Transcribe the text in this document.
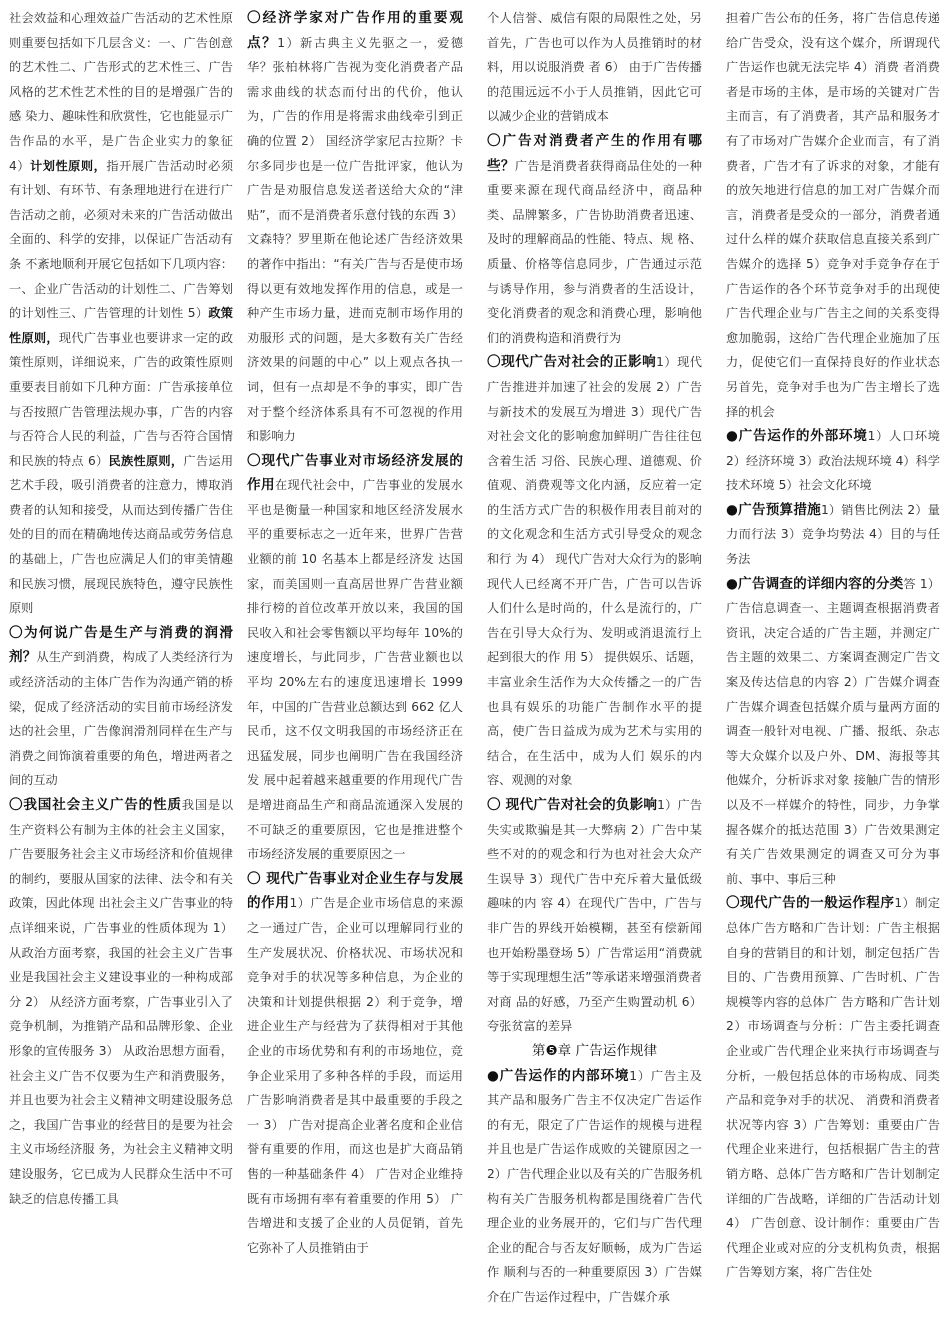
社会效益和心理效益广告活动的艺术性原则重要包括如下几层含义：一、广告创意的艺术性二、广告形式的艺术性三、广告风格的艺术性艺术性的目的是增强广告的感 染力、趣味性和欣赏性，它也能显示广告作品的水平，是广告企业实力的象征 4）计划性原则，指开展广告活动时必须有计划、有环节、有条理地进行在进行广告活动之前，必须对未来的广告活动做出全面的、科学的安排，以保证广告活动有条 不紊地顺利开展它包括如下几项内容：一、企业广告活动的计划性二、广告筹划的计划性三、广告管理的计划性 5）政策性原则，现代广告事业也要讲求一定的政策性原则，详细说来，广告的政策性原则重要表目前如下几种方面：广告承接单位与否按照广告管理法规办事，广告的内容与否符合人民的利益，广告与否符合国情和民族的特点 6）民族性原则，广告运用艺术手段，吸引消费者的注意力，博取消费者的认知和接受，从而达到传播广告住处的目的而在精确地传达商品或劳务信息的基础上，广告也应满足人们的审美情趣和民族习惯，展现民族特色，遵守民族性原则
〇为何说广告是生产与消费的润滑剂？从生产到消费，构成了人类经济行为或经济活动的主体广告作为沟通产销的桥梁，促成了经济活动的实目前市场经济发达的社会里，广告像润滑剂同样在生产与消费之间饰演着重要的角色，增进两者之间的互动
〇我国社会主义广告的性质我国是以生产资料公有制为主体的社会主义国家，广告要服务社会主义市场经济和价值规律的制约，要服从国家的法律、法令和有关政策，因此体现 出社会主义广告事业的特点详细来说，广告事业的性质体现为 1） 从政治方面考察，我国的社会主义广告事业是我国社会主义建设事业的一种构成部分 2） 从经济方面考察，广告事业引入了竞争机制，为推销产品和品牌形象、企业形象的宣传服务 3） 从政治思想方面看，社会主义广告不仅要为生产和消费服务，并且也要为社会主义精神文明建设服务总之，我国广告事业的经营目的是要为社会主义市场经济服 务，为社会主义精神文明建设服务，它已成为人民群众生活中不可缺乏的信息传播工具
〇经济学家对广告作用的重要观点？1）新古典主义先驱之一，爱德华？张柏林将广告视为变化消费者产品需求曲线的状态而付出的代价，他认为，广告的作用是将需求曲线牵引到正 确的位置 2） 国经济学家尼古拉斯？卡尔多同步也是一位广告批评家，他认为广告是劝服信息发送者送给大众的“津贴”，而不是消费者乐意付钱的东西 3） 文森特？罗里斯在他论述广告经济效果的著作中指出：“有关广告与否是使市场得以更有效地发挥作用的信息，或是一种产生市场力量，进而克制市场作用的劝服形 式的问题，是大多数有关广告经济效果的问题的中心” 以上观点各执一词，但有一点却是不争的事实，即广告对于整个经济体系具有不可忽视的作用和影响力
〇现代广告事业对市场经济发展的作用在现代社会中，广告事业的发展水平也是衡量一种国家和地区经济发展水平的重要标志之一近年来，世界广告营业额的前 10 名基本上都是经济发 达国家，而美国则一直高居世界广告营业额排行榜的首位改革开放以来，我国的国民收入和社会零售额以平均每年 10%的速度增长，与此同步，广告营业额也以 平均 20%左右的速度迅速增长 1999 年，中国的广告营业总额达到 662 亿人民币，这不仅文明我国的市场经济正在迅猛发展，同步也阐明广告在我国经济发 展中起着越来越重要的作用现代广告是增进商品生产和商品流通深入发展的不可缺乏的重要原因，它也是推进整个市场经济发展的重要原因之一
〇 现代广告事业对企业生存与发展的作用1）广告是企业市场信息的来源之一通过广告，企业可以理解同行业的生产发展状况、价格状况、市场状况和竞争对手的状况等多种信息，为企业的决策和计划提供根据 2）利于竞争，增进企业生产与经营为了获得相对于其他企业的市场优势和有利的市场地位，竞争企业采用了多种各样的手段，而运用广告影响消费者是其中最重要的手段之一 3） 广告对提高企业著名度和企业信誉有重要的作用，而这也是扩大商品销售的一种基础条件 4） 广告对企业维持既有市场拥有率有着重要的作用 5） 广告增进和支援了企业的人员促销，首先它弥补了人员推销由于
个人信誉、威信有限的局限性之处，另首先，广告也可以作为人员推销时的材料，用以说服消费 者 6） 由于广告传播的范围远远不小于人员推销，因此它可以减少企业的营销成本
〇广告对消费者产生的作用有哪些？广告是消费者获得商品住处的一种重要来源在现代商品经济中，商品种类、品牌繁多，广告协助消费者迅速、及时的理解商品的性能、特点、规 格、质量、价格等信息同步，广告通过示范与诱导作用，参与消费者的生活设计，变化消费者的观念和消费心理，影响他们的消费构造和消费行为
〇现代广告对社会的正影响1）现代广告推进并加速了社会的发展 2）广告与新技术的发展互为增进 3）现代广告对社会文化的影响愈加鲜明广告往往包含着生活 习俗、民族心理、道德观、价值观、消费观等文化内涵，反应着一定的生活方式广告的积极作用表目前对的的文化观念和生活方式引导受众的观念和行 为 4） 现代广告对大众行为的影响现代人已经离不开广告，广告可以告诉人们什么是时尚的，什么是流行的，广告在引导大众行为、发明或消退流行上起到很大的作 用 5） 提供娱乐、话题，丰富业余生活作为大众传播之一的广告也具有娱乐的功能广告制作水平的提高，使广告日益成为成为艺术与实用的结合，在生活中，成为人们 娱乐的内容、观测的对象
〇 现代广告对社会的负影响1）广告失实或欺骗是其一大弊病 2）广告中某些不对的的观念和行为也对社会大众产生误导 3）现代广告中充斥着大量低级趣味的内 容 4）在现代广告中，广告与非广告的界线开始模糊，甚至有偿新闻也开始粉墨登场 5）广告常运用“消费就等于实现理想生活”等承诺来增强消费者对商 品的好感，乃至产生购置动机 6）夸张贫富的差异

第❺章 广告运作规律
●广告运作的内部环境1）广告主及其产品和服务广告主不仅决定广告运作的有无，限定了广告运作的规模与进程并且也是广告运作成败的关键原因之一 2）广告代理企业以及有关的广告服务机构有关广告服务机构都是围绕着广告代理企业的业务展开的，它们与广告代理企业的配合与否友好顺畅，成为广告运作 顺利与否的一种重要原因 3）广告媒介在广告运作过程中，广告媒介承
担着广告公布的任务，将广告信息传递给广告受众，没有这个媒介，所谓现代广告运作也就无法完毕 4）消费 者消费者是市场的主体，是市场的关键对广告主而言，有了消费者，其产品和服务才有了市场对广告媒介企业而言，有了消费者，广告才有了诉求的对象，才能有的放矢地进行信息的加工对广告媒介而言，消费者是受众的一部分，消费者通过什么样的媒介获取信息直接关系到广告媒介的选择 5）竞争对手竞争存在于广告运作的各个环节竞争对手的出现使广告代理企业与广告主之间的关系变得愈加脆弱，这给广告代理企业施加了压力，促使它们一直保持良好的作业状态 另首先，竞争对手也为广告主增长了选择的机会
●广告运作的外部环境1）人口环境 2）经济环境 3）政治法规环境 4）科学技术环境 5）社会文化环境
●广告预算措施1）销售比例法 2）量力而行法 3）竞争均势法 4）目的与任务法
●广告调查的详细内容的分类答 1）广告信息调查一、主题调查根据消费者资讯，决定合适的广告主题，并测定广告主题的效果二、方案调查测定广告文案及传达信息的内容 2）广告媒介调查广告媒介调查包括媒介质与量两方面的调查一般针对电视、广播、报纸、杂志等大众媒介以及户外、DM、海报等其他媒介，分析诉求对象 接触广告的情形以及不一样媒介的特性，同步，力争掌握各媒介的抵达范围 3）广告效果测定有关广告效果测定的调查又可分为事前、事中、事后三种
〇现代广告的一般运作程序1）制定总体广告方略和广告计划：广告主根据自身的营销目的和计划，制定包括广告目的、广告费用预算、广告时机、广告规模等内容的总体广 告方略和广告计划 2）市场调查与分析：广告主委托调查企业或广告代理企业来执行市场调查与分析，一般包括总体的市场构成、同类产品和竞争对手的状况、 消费和消费者状况等内容 3）广告筹划：重要由广告代理企业来进行，包括根据广告主的营销方略、总体广告方略和广告计划制定详细的广告战略，详细的广告活动计划 4） 广告创意、设计制作：重要由广告代理企业或对应的分支机构负责，根据广告筹划方案，将广告住处
